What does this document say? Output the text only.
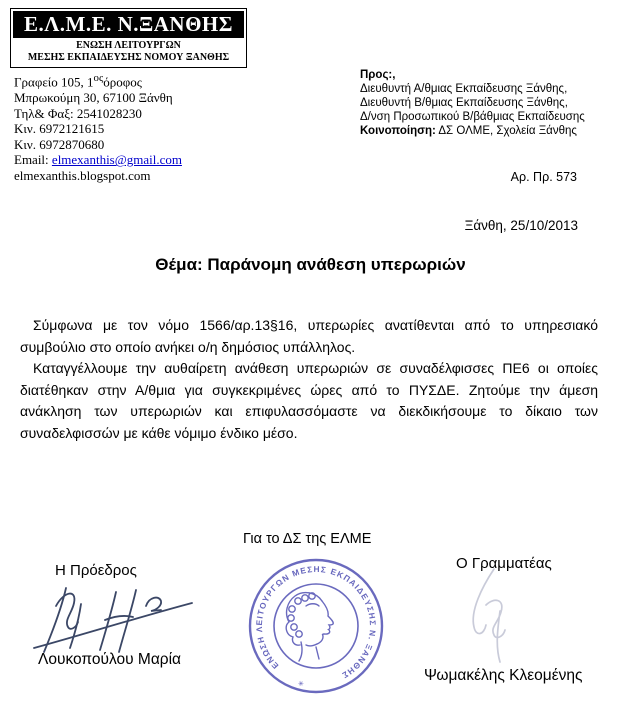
Ε.Λ.Μ.Ε. Ν.ΞΑΝΘΗΣ
ΕΝΩΣΗ ΛΕΙΤΟΥΡΓΩΝ
ΜΕΣΗΣ ΕΚΠΑΙΔΕΥΣΗΣ ΝΟΜΟΥ ΞΑΝΘΗΣ
Γραφείο 105, $1^{o\varsigma}ό\rho o\varphi o\varsigma$
Μπρωκούμη 30, 67100 Ξάνθη
Τηλ& Φαξ: 2541028230
Κιν. 6972121615
Κιν. 6972870680
Email: elmexanthis@gmail.com
elmexanthis.blogspot.com
Προς:,
Διευθυντή Α/θμιας Εκπαίδευσης Ξάνθης,
Διευθυντή Β/θμιας Εκπαίδευσης Ξάνθης,
Δ/νση Προσωπικού Β/βάθμιας Εκπαίδευσης
Κοινοποίηση: ΔΣ ΟΛΜΕ, Σχολεία Ξάνθης
Αρ. Πρ. 573
Ξάνθη, 25/10/2013
Θέμα: Παράνομη ανάθεση υπερωριών

Σύμφωνα με τον νόμο 1566/αρ.13§16, υπερωρίες ανατίθενται από το υπηρεσιακό συμβούλιο στο οποίο ανήκει ο/η δημόσιος υπάλληλος.

Καταγγέλλουμε την αυθαίρετη ανάθεση υπερωριών σε συναδέλφισσες ΠΕ6 οι οποίες διατέθηκαν στην Α/θμια για συγκεκριμένες ώρες από το ΠΥΣΔΕ. Ζητούμε την άμεση ανάκληση των υπερωριών και επιφυλασσόμαστε να διεκδικήσουμε το δίκαιο των συναδελφισσών με κάθε νόμιμο ένδικο μέσο.

Για το ΔΣ της ΕΛΜΕ
Η Πρόεδρος	Ο Γραμματέας
ΕΝΩΣΗ ΛΕΙΤΟΥΡΓΩΝ ΜΕΣΗΣ ΕΚΠΑΙΔΕΥΣΗΣ Ν. ΞΑΝΘΗΣ
✳
Λουκοπούλου Μαρία
Ψωμακέλης Κλεομένης
